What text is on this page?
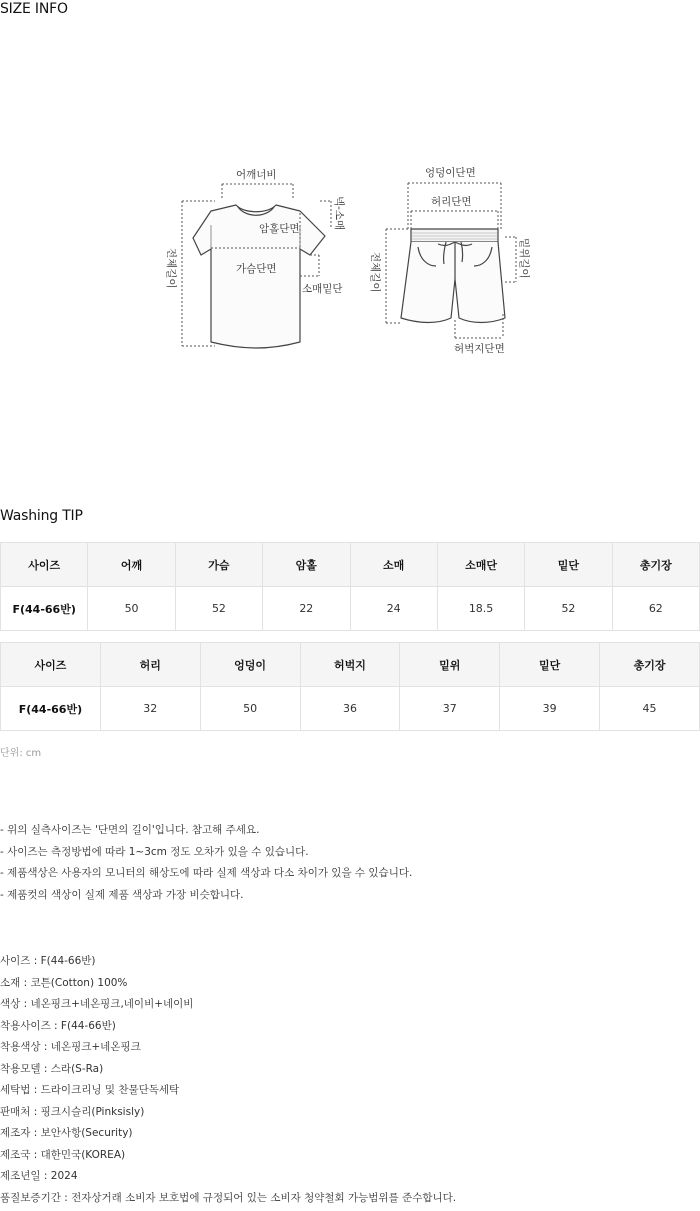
SIZE INFO
어깨너비
암홀단면
가슴단면
소매밑단
넥-소매
전체길이
엉덩이단면
허리단면
밑위길이
전체길이
허벅지단면
Washing TIP
사이즈	어깨	가슴	암홀	소매	소매단	밑단	총기장
F(44-66반)	50	52	22	24	18.5	52	62
사이즈	허리	엉덩이	허벅지	밑위	밑단	총기장
F(44-66반)	32	50	36	37	39	45
단위: cm
- 위의 실측사이즈는 '단면의 길이'입니다. 참고해 주세요.
- 사이즈는 측정방법에 따라 1~3cm 정도 오차가 있을 수 있습니다.
- 제품색상은 사용자의 모니터의 해상도에 따라 실제 색상과 다소 차이가 있을 수 있습니다.
- 제품컷의 색상이 실제 제품 색상과 가장 비슷합니다.
사이즈 : F(44-66반)
소재 : 코튼(Cotton) 100%
색상 : 네온핑크+네온핑크,네이비+네이비
착용사이즈 : F(44-66반)
착용색상 : 네온핑크+네온핑크
착용모델 : 스라(S-Ra)
세탁법 : 드라이크리닝 및 찬물단독세탁
판매처 : 핑크시슬리(Pinksisly)
제조자 : 보안사항(Security)
제조국 : 대한민국(KOREA)
제조년일 : 2024
품질보증기간 : 전자상거래 소비자 보호법에 규정되어 있는 소비자 청약철회 가능범위를 준수합니다.
